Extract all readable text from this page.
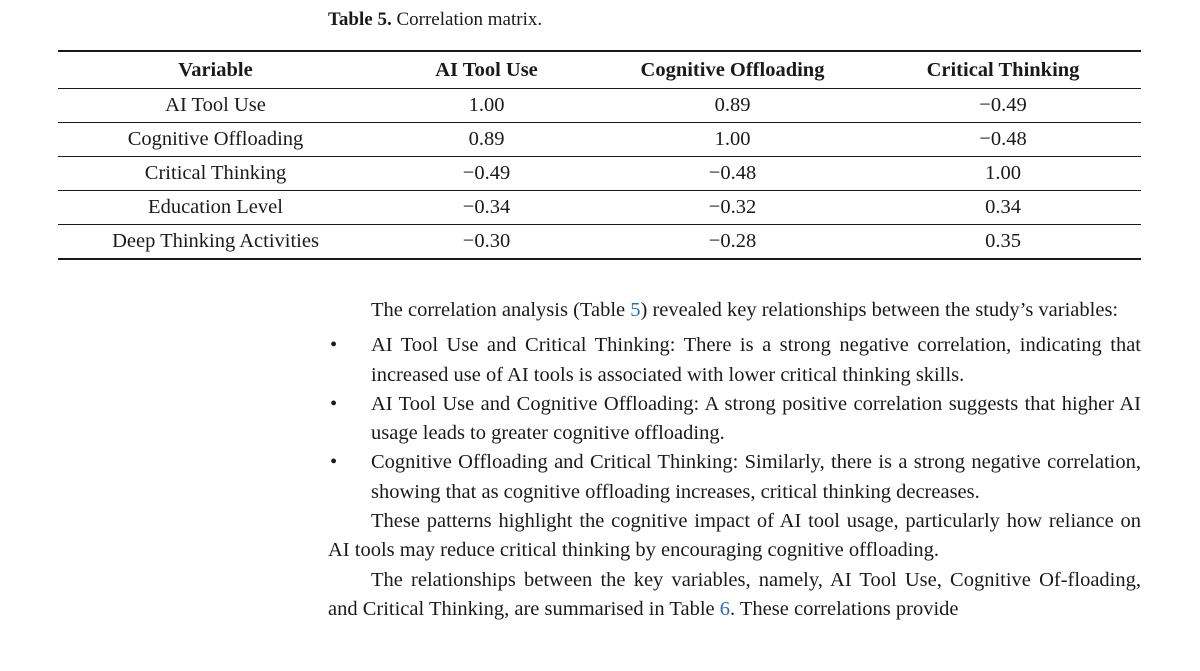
Table 5. Correlation matrix.
Variable	AI Tool Use	Cognitive Offloading	Critical Thinking
AI Tool Use	1.00	0.89	−0.49
Cognitive Offloading	0.89	1.00	−0.48
Critical Thinking	−0.49	−0.48	1.00
Education Level	−0.34	−0.32	0.34
Deep Thinking Activities	−0.30	−0.28	0.35

The correlation analysis (Table 5) revealed key relationships between the study’s variables:

• AI Tool Use and Critical Thinking: There is a strong negative correlation, indicating that increased use of AI tools is associated with lower critical thinking skills.
• AI Tool Use and Cognitive Offloading: A strong positive correlation suggests that higher AI usage leads to greater cognitive offloading.
• Cognitive Offloading and Critical Thinking: Similarly, there is a strong negative correlation, showing that as cognitive offloading increases, critical thinking decreases.

These patterns highlight the cognitive impact of AI tool usage, particularly how reliance on AI tools may reduce critical thinking by encouraging cognitive offloading.

The relationships between the key variables, namely, AI Tool Use, Cognitive Of-floading, and Critical Thinking, are summarised in Table 6. These correlations provide
